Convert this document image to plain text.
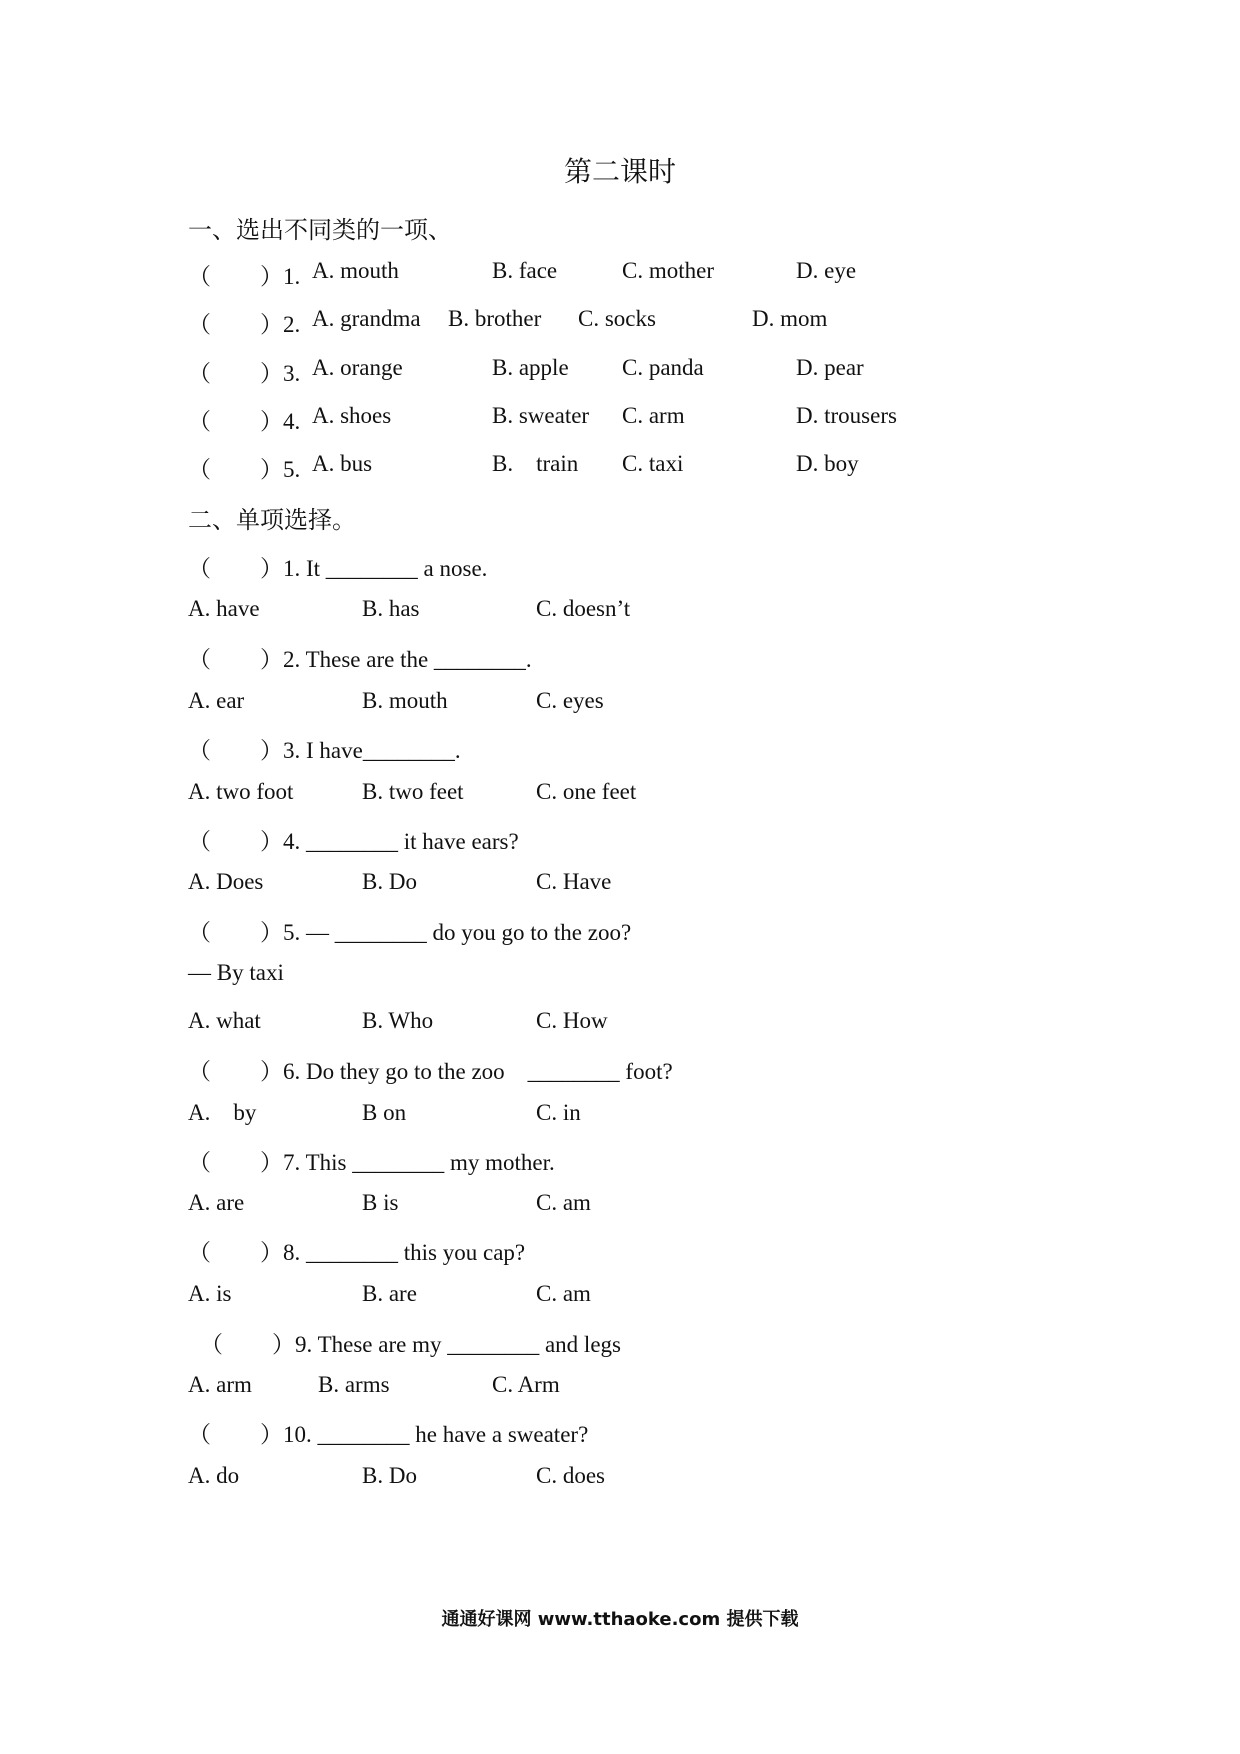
第二课时
一、选出不同类的一项、
（ ）1. A. mouth	B. face	C. mother	D. eye
（ ）2. A. grandma B. brother C. socks	D. mom
（ ）3. A. orange	B. apple C. panda	D. pear
（ ）4. A. shoes	B. sweater C. arm	D. trousers
（ ）5. A. bus	B.    train C. taxi	D. boy
二、单项选择。
（ ）1. It ________ a nose.
A. have	B. has	C. doesn’t
（ ）2. These are the ________.
A. ear	B. mouth	C. eyes
（ ）3. I have________.
A. two foot	B. two feet	C. one feet
（ ）4. ________ it have ears?
A. Does	B. Do	C. Have
（ ）5. — ________ do you go to the zoo?
— By taxi
A. what	B. Who	C. How
（ ）6. Do they go to the zoo    ________ foot?
A.    by	B on	C. in
（ ）7. This ________ my mother.
A. are	B is	C. am
（ ）8. ________ this you cap?
A. is	B. are	C. am
（ ）9. These are my ________ and legs
A. arm	B. arms	C. Arm
（ ）10. ________ he have a sweater?
A. do	B. Do	C. does
通通好课网 www.tthaoke.com 提供下载
